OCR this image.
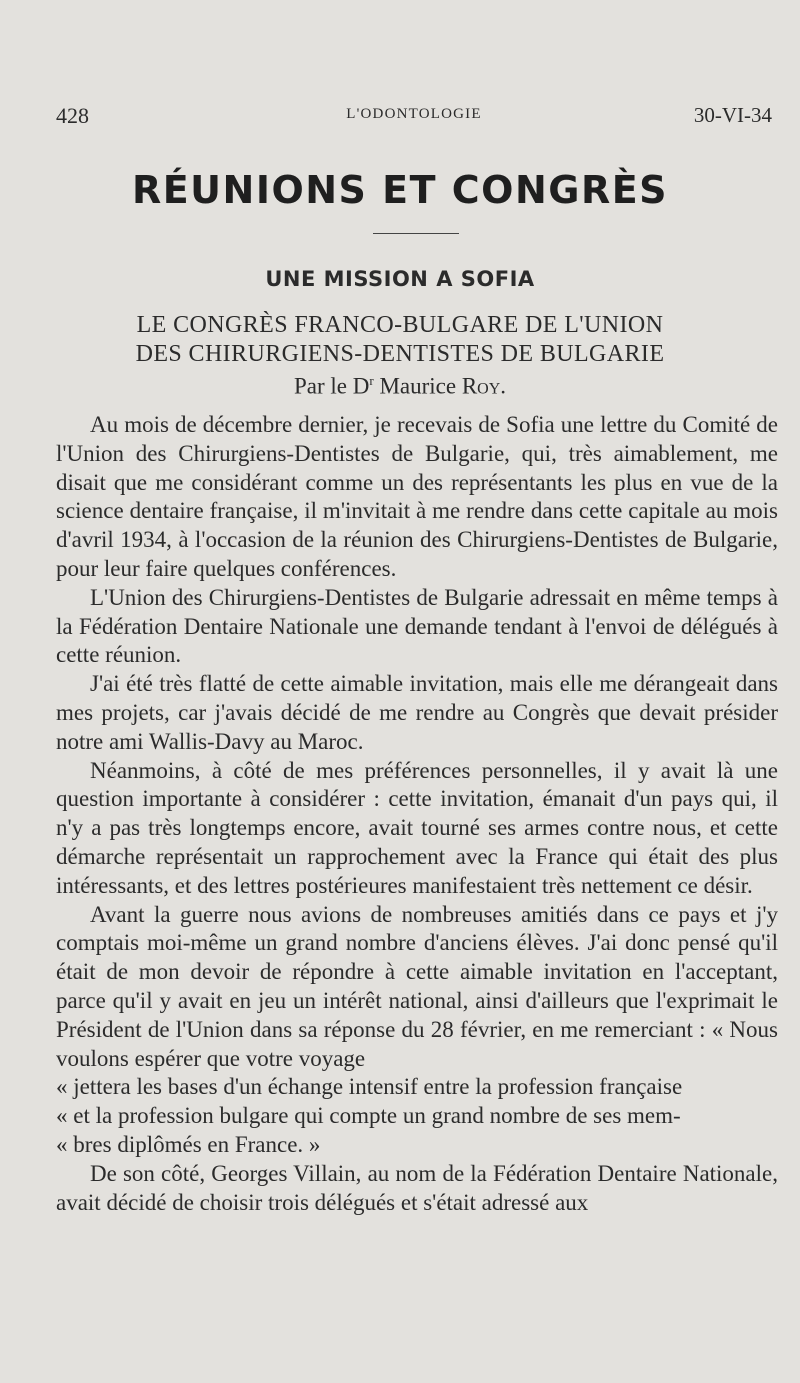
428	L'ODONTOLOGIE	30-VI-34
RÉUNIONS ET CONGRÈS
UNE MISSION A SOFIA
LE CONGRÈS FRANCO-BULGARE DE L'UNION
DES CHIRURGIENS-DENTISTES DE BULGARIE
Par le $D^r$ Maurice Roy.

Au mois de décembre dernier, je recevais de Sofia une lettre du Comité de l'Union des Chirurgiens-Dentistes de Bulgarie, qui, très aimablement, me disait que me considérant comme un des représentants les plus en vue de la science dentaire française, il m'invitait à me rendre dans cette capitale au mois d'avril 1934, à l'occasion de la réunion des Chirurgiens-Dentistes de Bulgarie, pour leur faire quelques conférences.

L'Union des Chirurgiens-Dentistes de Bulgarie adressait en même temps à la Fédération Dentaire Nationale une demande tendant à l'envoi de délégués à cette réunion.

J'ai été très flatté de cette aimable invitation, mais elle me dérangeait dans mes projets, car j'avais décidé de me rendre au Congrès que devait présider notre ami Wallis-Davy au Maroc.

Néanmoins, à côté de mes préférences personnelles, il y avait là une question importante à considérer : cette invitation, émanait d'un pays qui, il n'y a pas très longtemps encore, avait tourné ses armes contre nous, et cette démarche représentait un rapprochement avec la France qui était des plus intéressants, et des lettres postérieures manifestaient très nettement ce désir.

Avant la guerre nous avions de nombreuses amitiés dans ce pays et j'y comptais moi-même un grand nombre d'anciens élèves. J'ai donc pensé qu'il était de mon devoir de répondre à cette aimable invitation en l'acceptant, parce qu'il y avait en jeu un intérêt national, ainsi d'ailleurs que l'exprimait le Président de l'Union dans sa réponse du 28 février, en me remerciant : « Nous voulons espérer que votre voyage
« jettera les bases d'un échange intensif entre la profession française
« et la profession bulgare qui compte un grand nombre de ses mem-
« bres diplômés en France. »

De son côté, Georges Villain, au nom de la Fédération Dentaire Nationale, avait décidé de choisir trois délégués et s'était adressé aux
